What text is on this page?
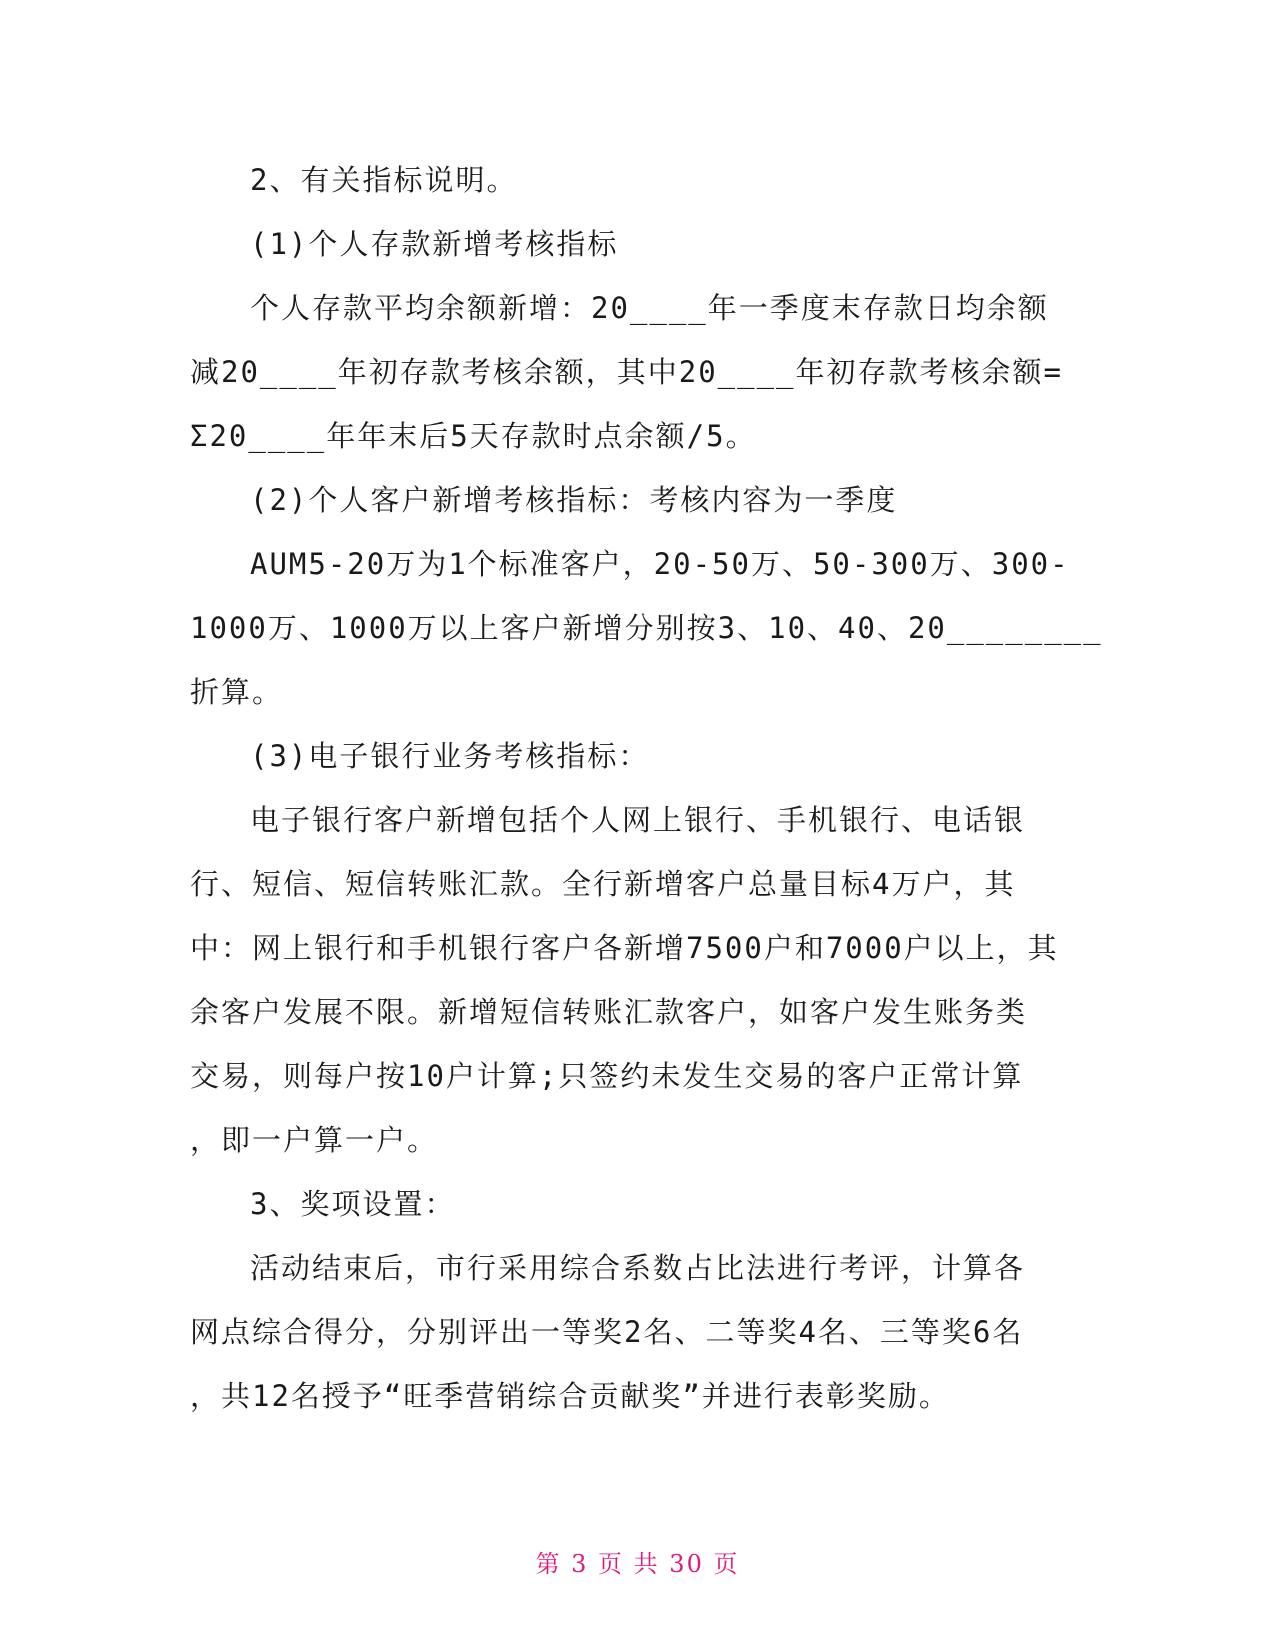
2、有关指标说明。
(1)个人存款新增考核指标
个人存款平均余额新增：20____年一季度末存款日均余额
减20____年初存款考核余额，其中20____年初存款考核余额=
Σ20____年年末后5天存款时点余额/5。
(2)个人客户新增考核指标：考核内容为一季度
AUM5-20万为1个标准客户，20-50万、50-300万、300-
1000万、1000万以上客户新增分别按3、10、40、20________
折算。
(3)电子银行业务考核指标：
电子银行客户新增包括个人网上银行、手机银行、电话银
行、短信、短信转账汇款。全行新增客户总量目标4万户，其
中：网上银行和手机银行客户各新增7500户和7000户以上，其
余客户发展不限。新增短信转账汇款客户，如客户发生账务类
交易，则每户按10户计算;只签约未发生交易的客户正常计算
，即一户算一户。
3、奖项设置：
活动结束后，市行采用综合系数占比法进行考评，计算各
网点综合得分，分别评出一等奖2名、二等奖4名、三等奖6名
，共12名授予“旺季营销综合贡献奖”并进行表彰奖励。
第 3 页 共 30 页
